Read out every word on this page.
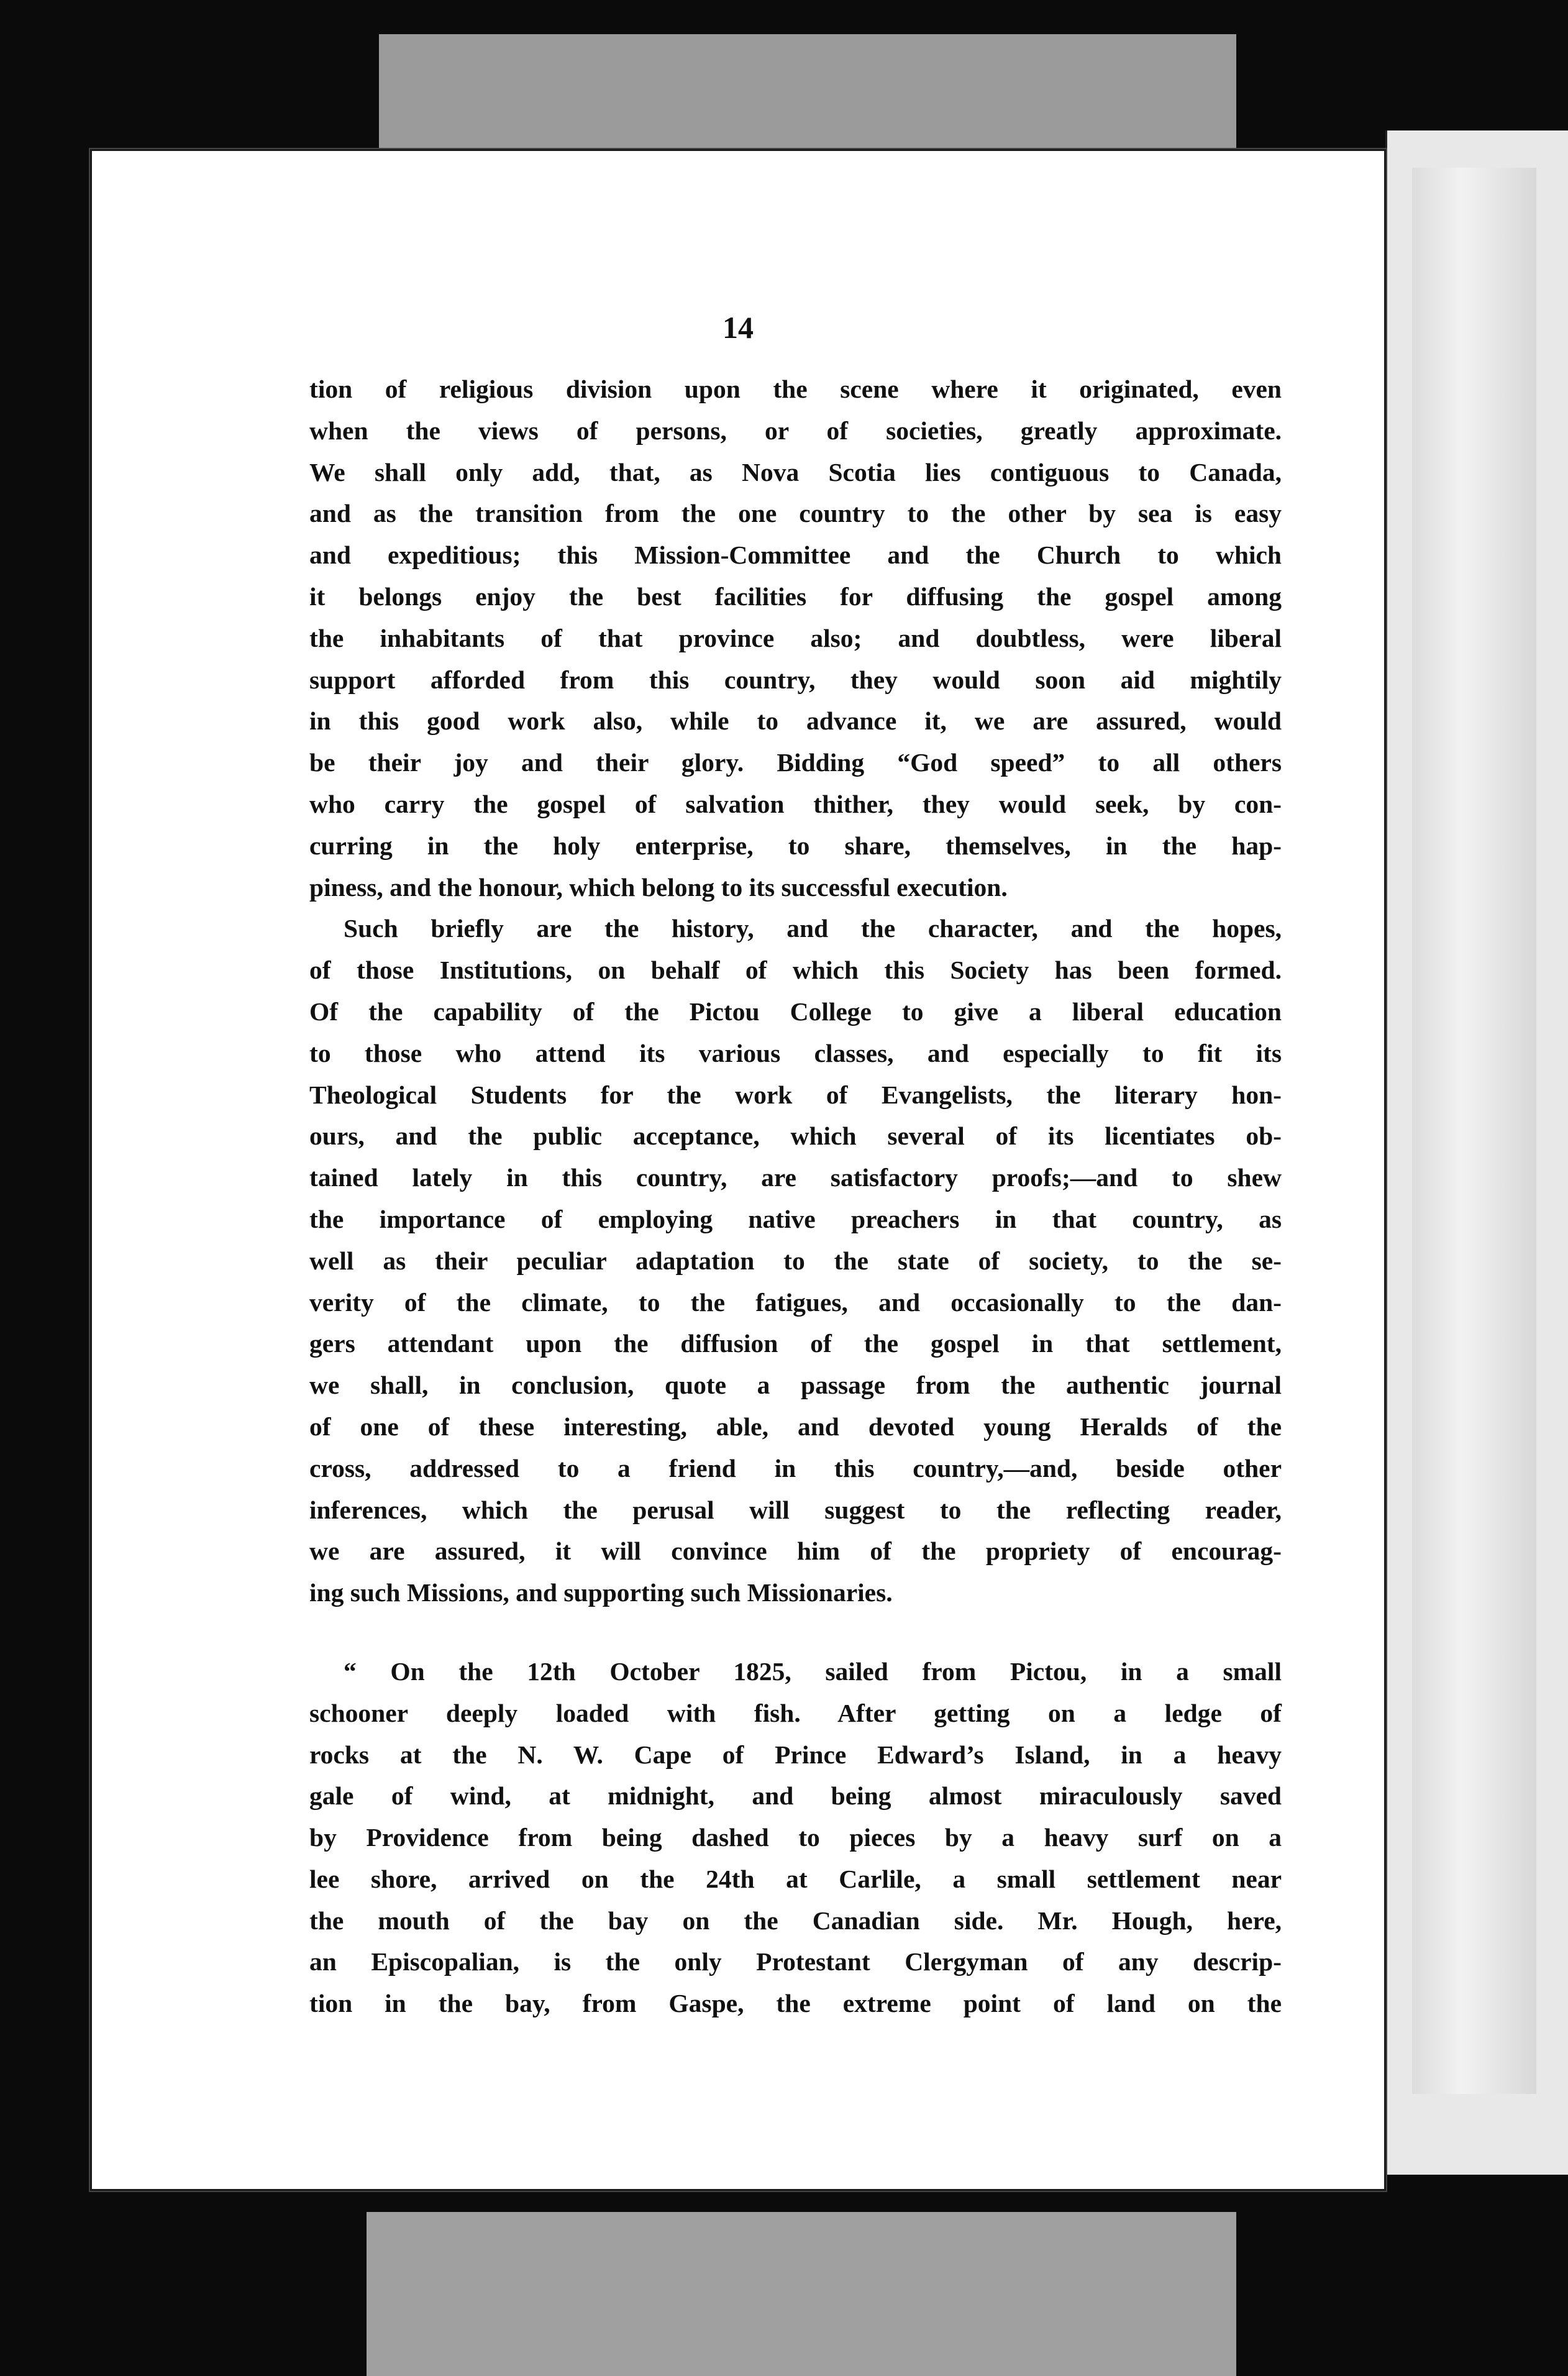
14
tion of religious division upon the scene where it originated, even
when the views of persons, or of societies, greatly approximate.
We shall only add, that, as Nova Scotia lies contiguous to Canada,
and as the transition from the one country to the other by sea is easy
and expeditious; this Mission-Committee and the Church to which
it belongs enjoy the best facilities for diffusing the gospel among
the inhabitants of that province also; and doubtless, were liberal
support afforded from this country, they would soon aid mightily
in this good work also, while to advance it, we are assured, would
be their joy and their glory. Bidding “God speed” to all others
who carry the gospel of salvation thither, they would seek, by con-
curring in the holy enterprise, to share, themselves, in the hap-
piness, and the honour, which belong to its successful execution.
Such briefly are the history, and the character, and the hopes,
of those Institutions, on behalf of which this Society has been formed.
Of the capability of the Pictou College to give a liberal education
to those who attend its various classes, and especially to fit its
Theological Students for the work of Evangelists, the literary hon-
ours, and the public acceptance, which several of its licentiates ob-
tained lately in this country, are satisfactory proofs;—and to shew
the importance of employing native preachers in that country, as
well as their peculiar adaptation to the state of society, to the se-
verity of the climate, to the fatigues, and occasionally to the dan-
gers attendant upon the diffusion of the gospel in that settlement,
we shall, in conclusion, quote a passage from the authentic journal
of one of these interesting, able, and devoted young Heralds of the
cross, addressed to a friend in this country,—and, beside other
inferences, which the perusal will suggest to the reflecting reader,
we are assured, it will convince him of the propriety of encourag-
ing such Missions, and supporting such Missionaries.
“ On the 12th October 1825, sailed from Pictou, in a small
schooner deeply loaded with fish. After getting on a ledge of
rocks at the N. W. Cape of Prince Edward’s Island, in a heavy
gale of wind, at midnight, and being almost miraculously saved
by Providence from being dashed to pieces by a heavy surf on a
lee shore, arrived on the 24th at Carlile, a small settlement near
the mouth of the bay on the Canadian side. Mr. Hough, here,
an Episcopalian, is the only Protestant Clergyman of any descrip-
tion in the bay, from Gaspe, the extreme point of land on the
